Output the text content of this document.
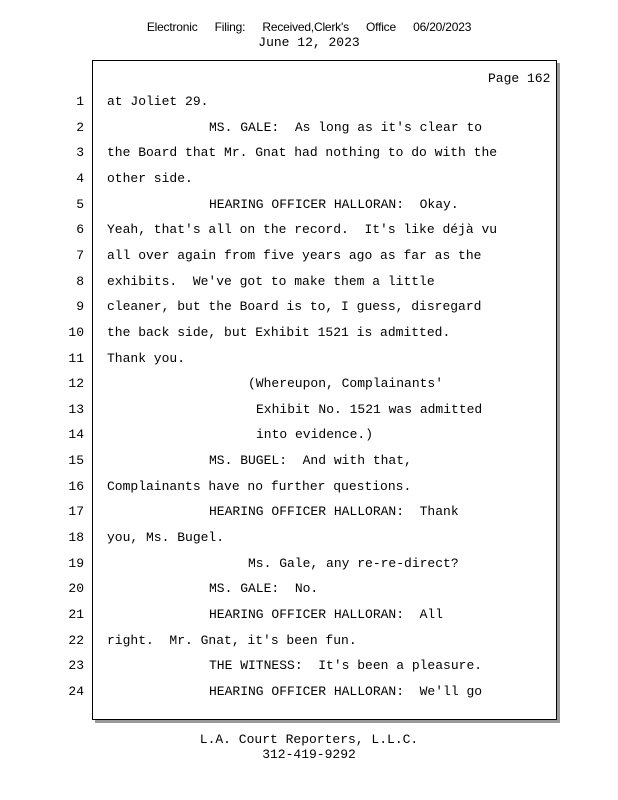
Electronic Filing: Received,Clerk's Office 06/20/2023
June 12, 2023
Page 162
1 at Joliet 29.
2	MS. GALE:  As long as it's clear to
3 the Board that Mr. Gnat had nothing to do with the
4 other side.
5	HEARING OFFICER HALLORAN:  Okay.
6 Yeah, that's all on the record.  It's like déjà vu
7 all over again from five years ago as far as the
8 exhibits.  We've got to make them a little
9 cleaner, but the Board is to, I guess, disregard
10 the back side, but Exhibit 1521 is admitted.
11 Thank you.
12	(Whereupon, Complainants'
13	Exhibit No. 1521 was admitted
14	into evidence.)
15	MS. BUGEL:  And with that,
16 Complainants have no further questions.
17	HEARING OFFICER HALLORAN:  Thank
18 you, Ms. Bugel.
19	Ms. Gale, any re-re-direct?
20	MS. GALE:  No.
21	HEARING OFFICER HALLORAN:  All
22 right.  Mr. Gnat, it's been fun.
23	THE WITNESS:  It's been a pleasure.
24	HEARING OFFICER HALLORAN:  We'll go
L.A. Court Reporters, L.L.C.
312-419-9292
